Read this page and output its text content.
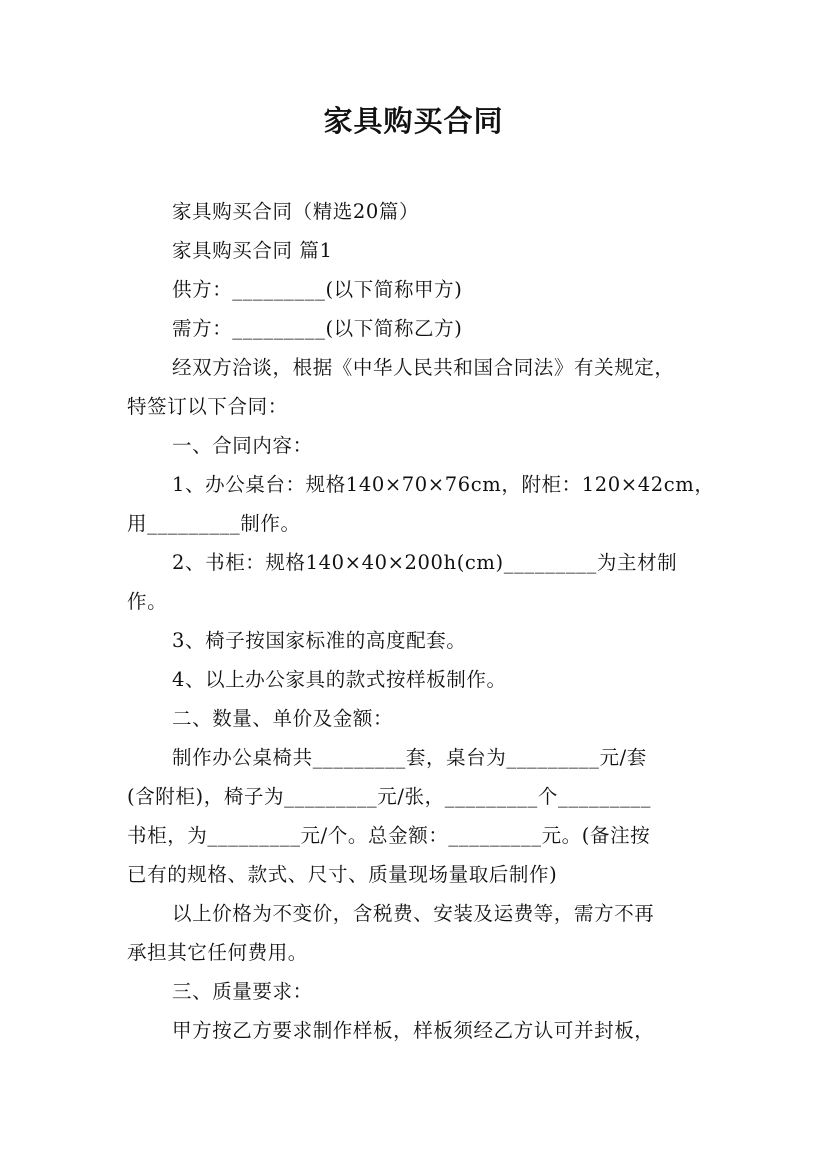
家具购买合同
家具购买合同（精选20篇）
家具购买合同 篇1
供方：_________(以下简称甲方)
需方：_________(以下简称乙方)
经双方洽谈，根据《中华人民共和国合同法》有关规定，
特签订以下合同：
一、合同内容：
1、办公桌台：规格140×70×76cm，附柜：120×42cm，
用_________制作。
2、书柜：规格140×40×200h(cm)_________为主材制
作。
3、椅子按国家标准的高度配套。
4、以上办公家具的款式按样板制作。
二、数量、单价及金额：
制作办公桌椅共_________套，桌台为_________元/套
(含附柜)，椅子为_________元/张，_________个_________
书柜，为_________元/个。总金额：_________元。(备注按
已有的规格、款式、尺寸、质量现场量取后制作)
以上价格为不变价，含税费、安装及运费等，需方不再
承担其它任何费用。
三、质量要求：
甲方按乙方要求制作样板，样板须经乙方认可并封板，
